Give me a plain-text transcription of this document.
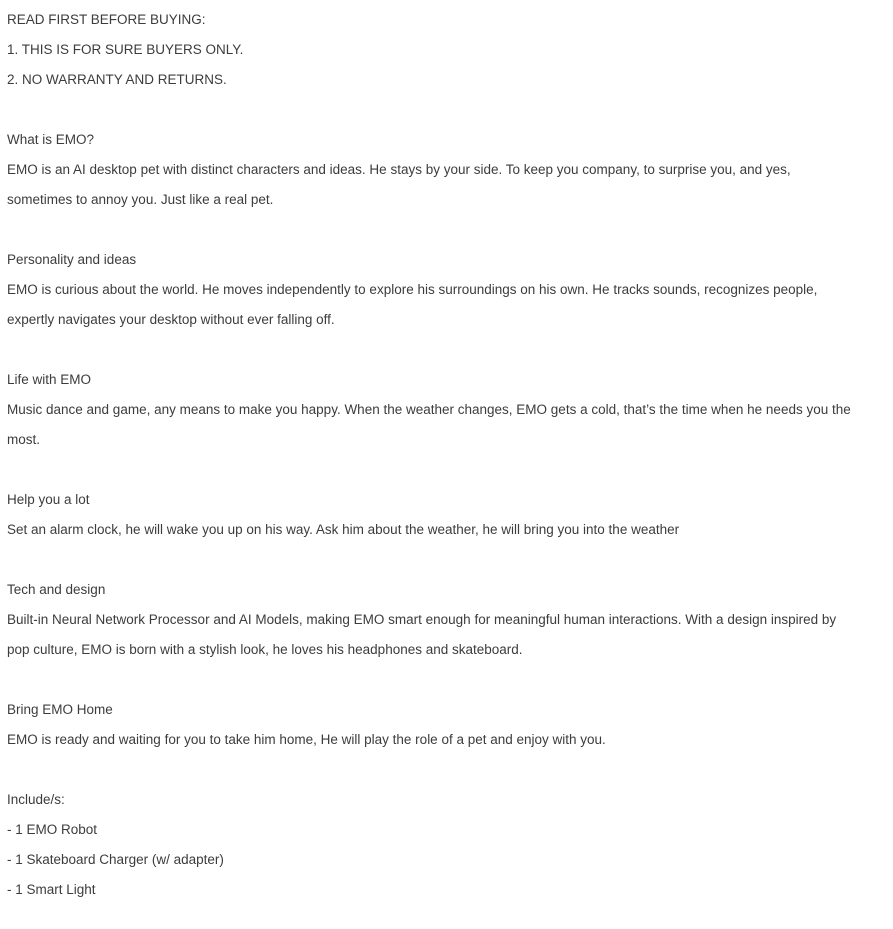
READ FIRST BEFORE BUYING:
1. THIS IS FOR SURE BUYERS ONLY.
2. NO WARRANTY AND RETURNS.
What is EMO?
EMO is an AI desktop pet with distinct characters and ideas. He stays by your side. To keep you company, to surprise you, and yes,
sometimes to annoy you. Just like a real pet.
Personality and ideas
EMO is curious about the world. He moves independently to explore his surroundings on his own. He tracks sounds, recognizes people,
expertly navigates your desktop without ever falling off.
Life with EMO
Music dance and game, any means to make you happy. When the weather changes, EMO gets a cold, that’s the time when he needs you the
most.
Help you a lot
Set an alarm clock, he will wake you up on his way. Ask him about the weather, he will bring you into the weather
Tech and design
Built-in Neural Network Processor and AI Models, making EMO smart enough for meaningful human interactions. With a design inspired by
pop culture, EMO is born with a stylish look, he loves his headphones and skateboard.
Bring EMO Home
EMO is ready and waiting for you to take him home, He will play the role of a pet and enjoy with you.
Include/s:
- 1 EMO Robot
- 1 Skateboard Charger (w/ adapter)
- 1 Smart Light
